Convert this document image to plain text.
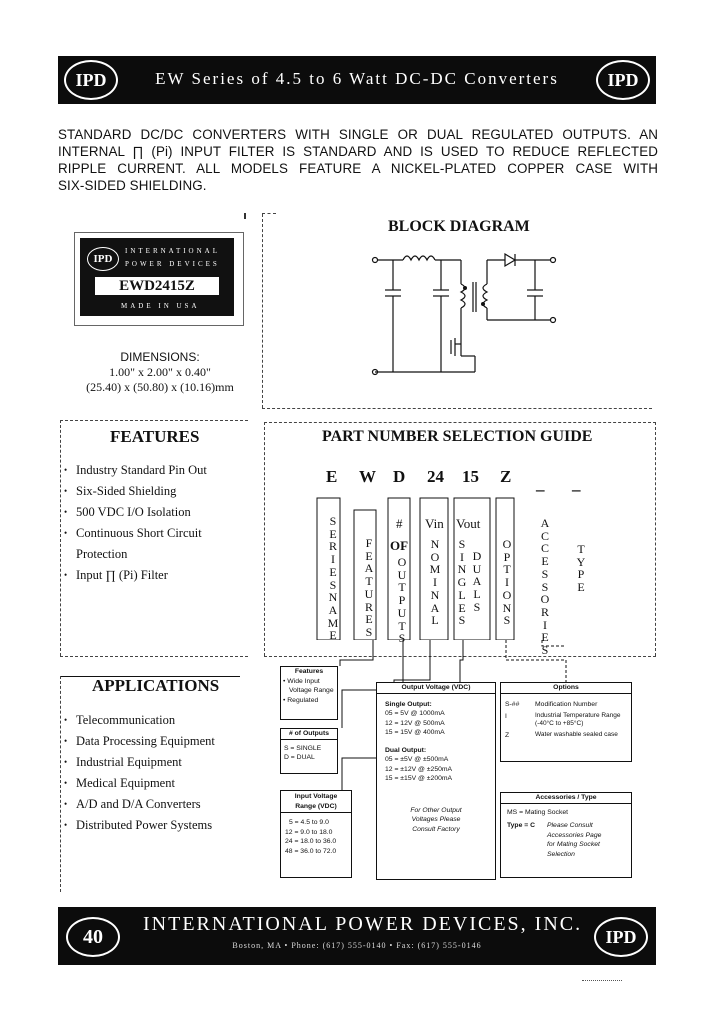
IPD	EW Series of 4.5 to 6 Watt DC-DC Converters	IPD
STANDARD DC/DC CONVERTERS WITH SINGLE OR DUAL REGULATED OUTPUTS. AN
INTERNAL ∏ (Pi) INPUT FILTER IS STANDARD AND IS USED TO REDUCE REFLECTED
RIPPLE CURRENT. ALL MODELS FEATURE A NICKEL-PLATED COPPER CASE WITH
SIX-SIDED SHIELDING.
IPD
INTERNATIONAL
POWER DEVICES
EWD2415Z
MADE IN USA
DIMENSIONS:
1.00" x 2.00" x 0.40"
(25.40) x (50.80) x (10.16)mm
BLOCK DIAGRAM
FEATURES
• Industry Standard Pin Out
• Six-Sided Shielding
• 500 VDC I/O Isolation
• Continuous Short Circuit
Protection
• Input ∏ (Pi) Filter
APPLICATIONS
• Telecommunication
• Data Processing Equipment
• Industrial Equipment
• Medical Equipment
• A/D and D/A Converters
• Distributed Power Systems
PART NUMBER SELECTION GUIDE
E W D 24 15 Z _ _
S
E
R
I
E
S
N
A
M
E
F
E
A
T
U
R
E
S
#
OF
O
U
T
P
U
T
S
Vin
N
O
M
I
N
A
L
Vout
S
I
N
G
L
E
S
D
U
A
L
S
O
P
T
I
O
N
S
A
C
C
E
S
S
O
R
I
E
S
T
Y
P
E
Features
• Wide Input
Voltage Range
• Regulated
# of Outputs
S = SINGLE
D = DUAL
Input Voltage Range (VDC)
5 = 4.5 to 9.0
12 = 9.0 to 18.0
24 = 18.0 to 36.0
48 = 36.0 to 72.0
Output Voltage (VDC)
Single Output:
05 = 5V @ 1000mA
12 = 12V @ 500mA
15 = 15V @ 400mA
Dual Output:
05 = ±5V @ ±500mA
12 = ±12V @ ±250mA
15 = ±15V @ ±200mA
For Other Output
Voltages Please
Consult Factory
Options
S-##	Modification Number
I	Industrial Temperature Range (-40°C to +85°C)
Z	Water washable sealed case
Accessories / Type
MS = Mating Socket
Type = C	Please Consult
Accessories Page
for Mating Socket
Selection
40
INTERNATIONAL POWER DEVICES, INC.
Boston, MA • Phone: (617) 555-0140 • Fax: (617) 555-0146	IPD
